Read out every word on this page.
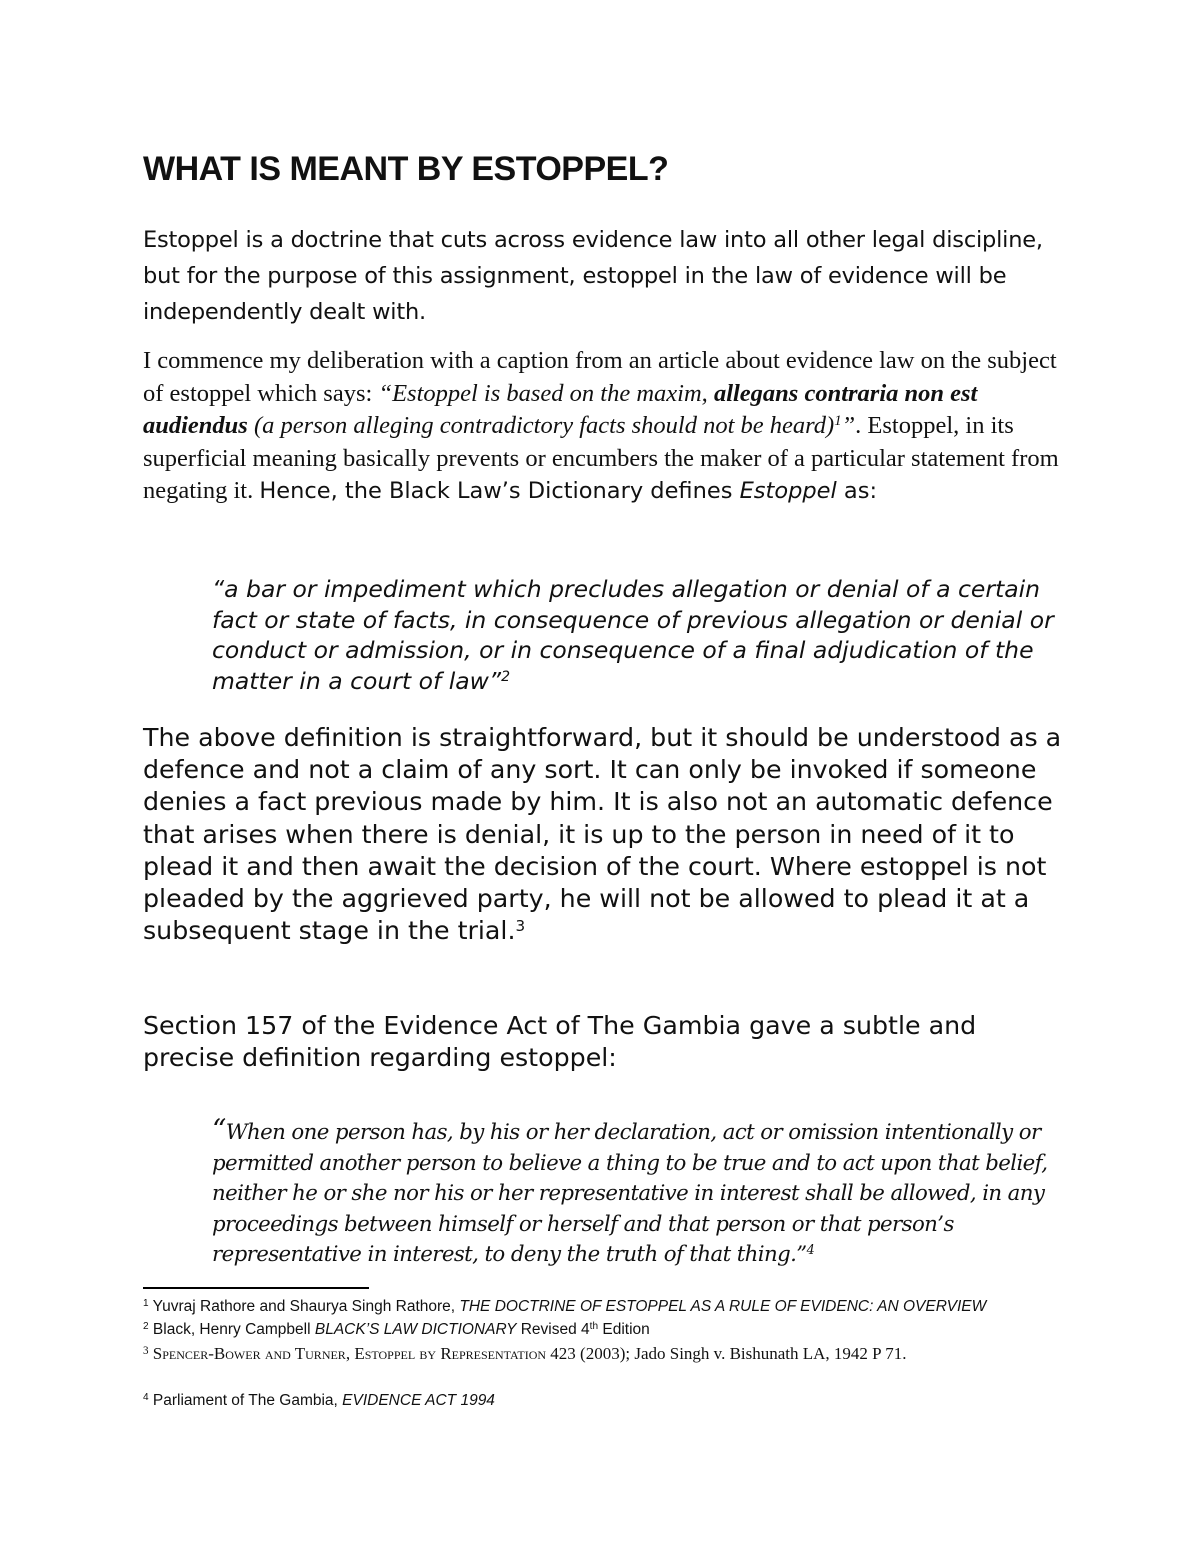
WHAT IS MEANT BY ESTOPPEL?
Estoppel is a doctrine that cuts across evidence law into all other legal discipline, but for the purpose of this assignment, estoppel in the law of evidence will be independently dealt with.
I commence my deliberation with a caption from an article about evidence law on the subject of estoppel which says: “Estoppel is based on the maxim, allegans contraria non est audiendus (a person alleging contradictory facts should not be heard)$^1$”. Estoppel, in its superficial meaning basically prevents or encumbers the maker of a particular statement from negating it. Hence, the Black Law’s Dictionary defines Estoppel as:
“a bar or impediment which precludes allegation or denial of a certain fact or state of facts, in consequence of previous allegation or denial or conduct or admission, or in consequence of a final adjudication of the matter in a court of law”$^2$
The above definition is straightforward, but it should be understood as a defence and not a claim of any sort. It can only be invoked if someone denies a fact previous made by him. It is also not an automatic defence that arises when there is denial, it is up to the person in need of it to plead it and then await the decision of the court. Where estoppel is not pleaded by the aggrieved party, he will not be allowed to plead it at a subsequent stage in the trial.$^3$
Section 157 of the Evidence Act of The Gambia gave a subtle and precise definition regarding estoppel:
“When one person has, by his or her declaration, act or omission intentionally or permitted another person to believe a thing to be true and to act upon that belief, neither he or she nor his or her representative in interest shall be allowed, in any proceedings between himself or herself and that person or that person’s representative in interest, to deny the truth of that thing.”$^4$
$^1$ Yuvraj Rathore and Shaurya Singh Rathore, THE DOCTRINE OF ESTOPPEL AS A RULE OF EVIDENC: AN OVERVIEW
$^2$ Black, Henry Campbell BLACK’S LAW DICTIONARY Revised 4th Edition
$^3$ Spencer-Bower and Turner, Estoppel by Representation 423 (2003); Jado Singh v. Bishunath LA, 1942 P 71.
$^4$ Parliament of The Gambia, EVIDENCE ACT 1994
